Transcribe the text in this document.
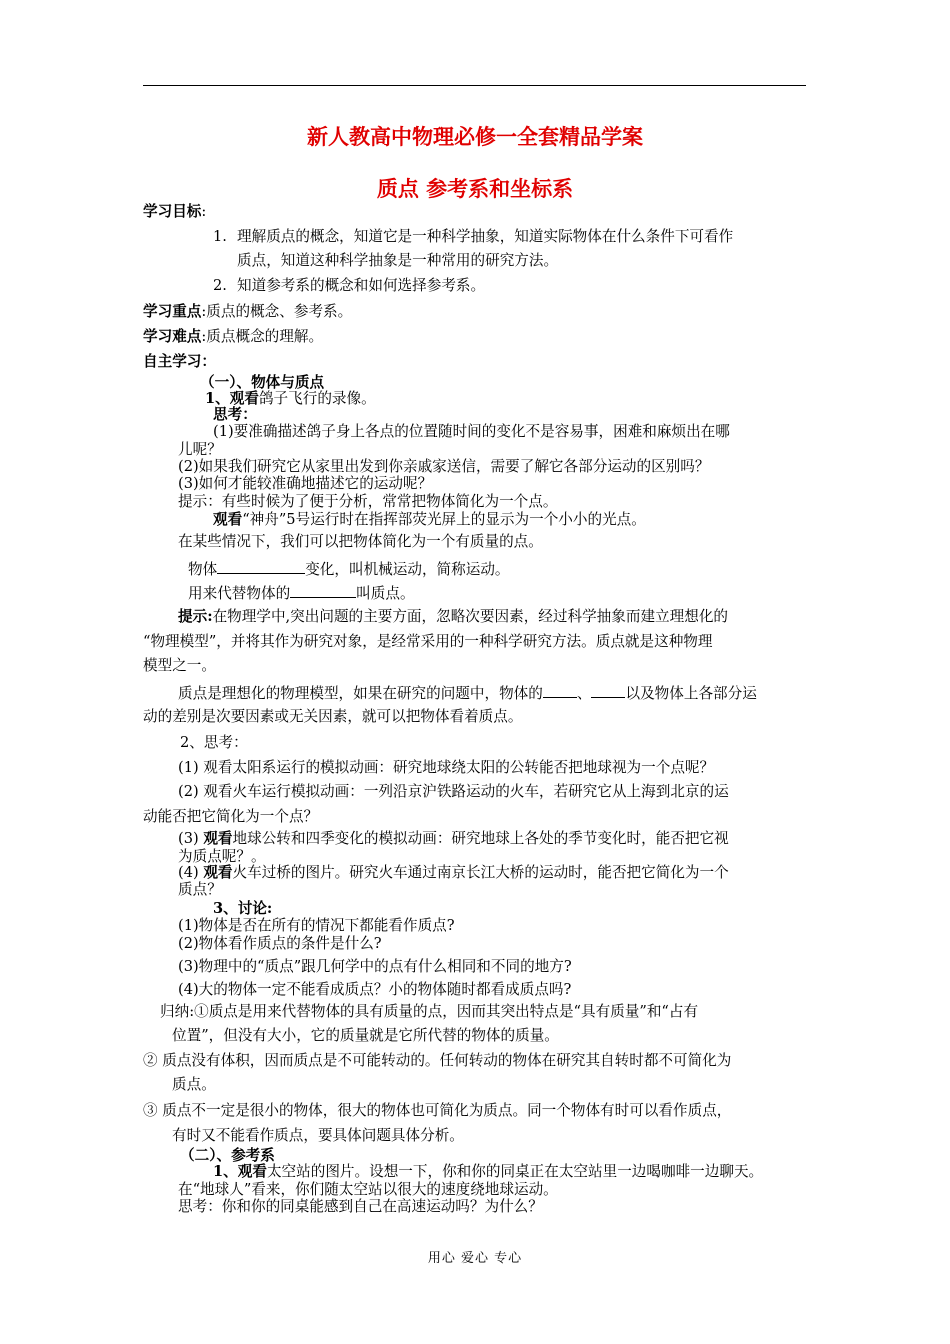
新人教高中物理必修一全套精品学案
质点 参考系和坐标系
学习目标:
1. 理解质点的概念，知道它是一种科学抽象，知道实际物体在什么条件下可看作
质点，知道这种科学抽象是一种常用的研究方法。
2. 知道参考系的概念和如何选择参考系。
学习重点:质点的概念、参考系。
学习难点:质点概念的理解。
自主学习：
（一）、物体与质点
1、观看鸽子飞行的录像。
思考：
(1)要准确描述鸽子身上各点的位置随时间的变化不是容易事，困难和麻烦出在哪
儿呢？
(2)如果我们研究它从家里出发到你亲戚家送信，需要了解它各部分运动的区别吗？
(3)如何才能较准确地描述它的运动呢？
提示：有些时候为了便于分析，常常把物体简化为一个点。
观看“神舟”5号运行时在指挥部荧光屏上的显示为一个小小的光点。
在某些情况下，我们可以把物体简化为一个有质量的点。
物体	变化，叫机械运动，简称运动。
用来代替物体的	叫质点。
提示:在物理学中,突出问题的主要方面，忽略次要因素，经过科学抽象而建立理想化的
“物理模型”，并将其作为研究对象，是经常采用的一种科学研究方法。质点就是这种物理
模型之一。
质点是理想化的物理模型，如果在研究的问题中，物体的 、 以及物体上各部分运
动的差别是次要因素或无关因素，就可以把物体看着质点。
2、思考：
(1) 观看太阳系运行的模拟动画：研究地球绕太阳的公转能否把地球视为一个点呢？
(2) 观看火车运行模拟动画：一列沿京沪铁路运动的火车，若研究它从上海到北京的运
动能否把它简化为一个点？
(3) 观看地球公转和四季变化的模拟动画：研究地球上各处的季节变化时，能否把它视
为质点呢？。
(4) 观看火车过桥的图片。研究火车通过南京长江大桥的运动时，能否把它简化为一个
质点？
3、讨论:
(1)物体是否在所有的情况下都能看作质点?
(2)物体看作质点的条件是什么?
(3)物理中的“质点”跟几何学中的点有什么相同和不同的地方?
(4)大的物体一定不能看成质点？小的物体随时都看成质点吗?
归纳:①质点是用来代替物体的具有质量的点，因而其突出特点是“具有质量”和“占有
位置”，但没有大小，它的质量就是它所代替的物体的质量。
② 质点没有体积，因而质点是不可能转动的。任何转动的物体在研究其自转时都不可简化为
质点。
③ 质点不一定是很小的物体，很大的物体也可简化为质点。同一个物体有时可以看作质点，
有时又不能看作质点，要具体问题具体分析。
（二）、参考系
1、观看太空站的图片。设想一下，你和你的同桌正在太空站里一边喝咖啡一边聊天。
在“地球人”看来，你们随太空站以很大的速度绕地球运动。
思考：你和你的同桌能感到自己在高速运动吗？为什么？
用心 爱心 专心
